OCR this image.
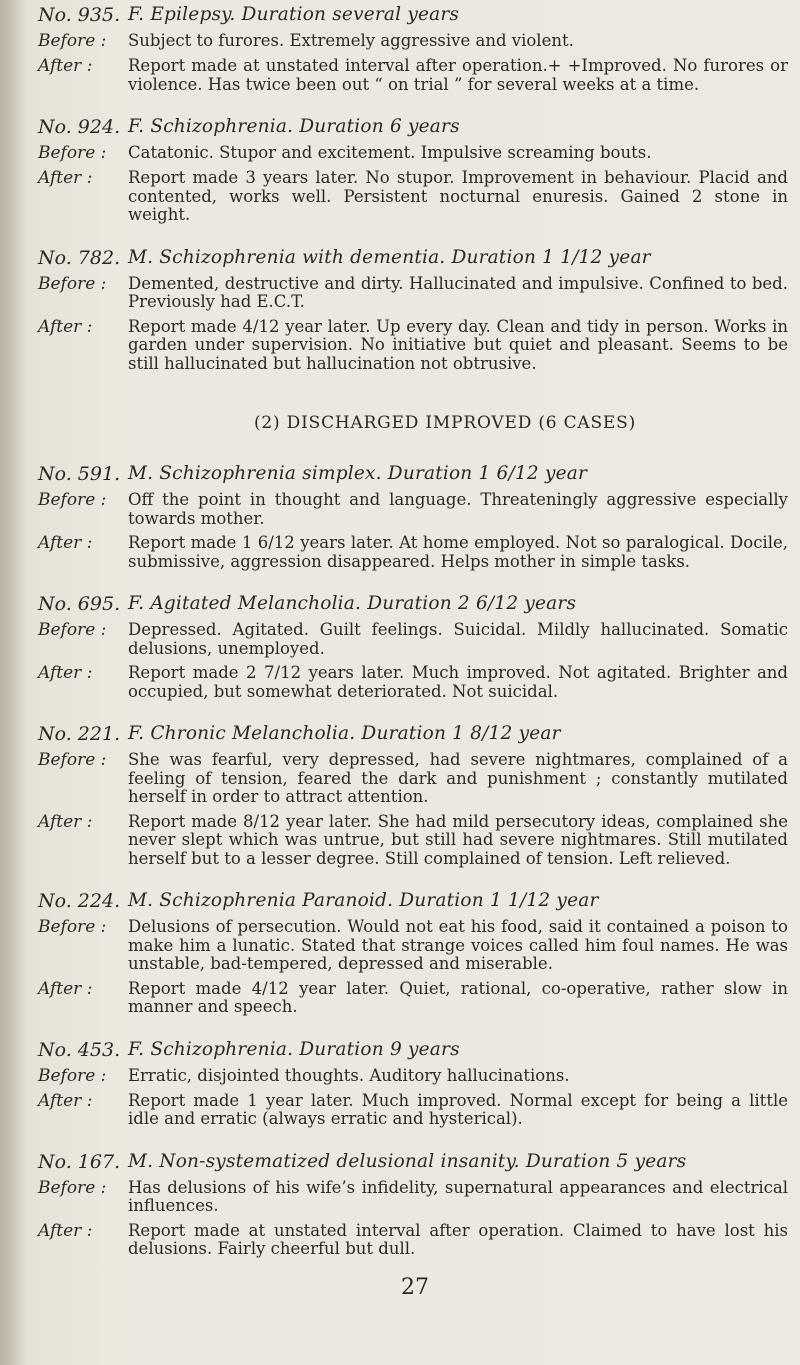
No. 935. F. Epilepsy. Duration several years
Before :	Subject to furores. Extremely aggressive and violent.
After :	Report made at unstated interval after operation.+ +Improved. No furores or violence. Has twice been out “ on trial ” for several weeks at a time.
No. 924. F. Schizophrenia. Duration 6 years
Before :	Catatonic. Stupor and excitement. Impulsive screaming bouts.
After :	Report made 3 years later. No stupor. Improvement in behaviour. Placid and contented, works well. Persistent nocturnal enuresis. Gained 2 stone in weight.
No. 782. M. Schizophrenia with dementia. Duration 1 1/12 year
Before :	Demented, destructive and dirty. Hallucinated and impulsive. Confined to bed. Previously had E.C.T.
After :	Report made 4/12 year later. Up every day. Clean and tidy in person. Works in garden under supervision. No initiative but quiet and pleasant. Seems to be still hallucinated but hallucination not obtrusive.
(2) DISCHARGED IMPROVED (6 CASES)
No. 591. M. Schizophrenia simplex. Duration 1 6/12 year
Before :	Off the point in thought and language. Threateningly aggressive especially towards mother.
After :	Report made 1 6/12 years later. At home employed. Not so paralogical. Docile, submissive, aggression disappeared. Helps mother in simple tasks.
No. 695. F. Agitated Melancholia. Duration 2 6/12 years
Before :	Depressed. Agitated. Guilt feelings. Suicidal. Mildly hallucinated. Somatic delusions, unemployed.
After :	Report made 2 7/12 years later. Much improved. Not agitated. Brighter and occupied, but somewhat deteriorated. Not suicidal.
No. 221. F. Chronic Melancholia. Duration 1 8/12 year
Before :	She was fearful, very depressed, had severe nightmares, complained of a feeling of tension, feared the dark and punishment ; constantly mutilated herself in order to attract attention.
After :	Report made 8/12 year later. She had mild persecutory ideas, complained she never slept which was untrue, but still had severe nightmares. Still mutilated herself but to a lesser degree. Still complained of tension. Left relieved.
No. 224. M. Schizophrenia Paranoid. Duration 1 1/12 year
Before :	Delusions of persecution. Would not eat his food, said it contained a poison to make him a lunatic. Stated that strange voices called him foul names. He was unstable, bad-tempered, depressed and miserable.
After :	Report made 4/12 year later. Quiet, rational, co-operative, rather slow in manner and speech.
No. 453. F. Schizophrenia. Duration 9 years
Before :	Erratic, disjointed thoughts. Auditory hallucinations.
After :	Report made 1 year later. Much improved. Normal except for being a little idle and erratic (always erratic and hysterical).
No. 167. M. Non-systematized delusional insanity. Duration 5 years
Before :	Has delusions of his wife’s infidelity, supernatural appearances and electrical influences.
After :	Report made at unstated interval after operation. Claimed to have lost his delusions. Fairly cheerful but dull.
27
